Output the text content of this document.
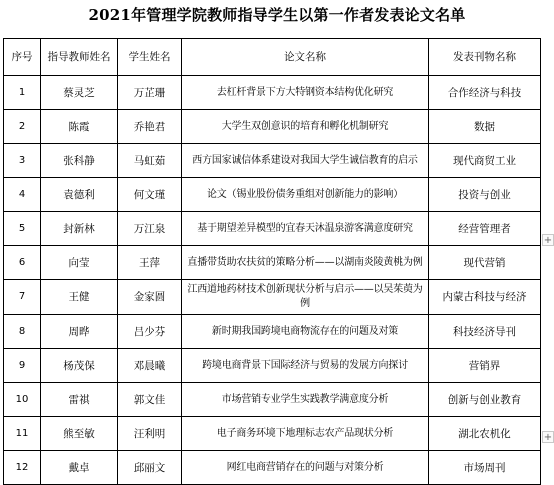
2021年管理学院教师指导学生以第一作者发表论文名单
序号	指导教师姓名	学生姓名	论文名称	发表刊物名称
1	蔡灵芝	万芷珊	去杠杆背景下方大特钢资本结构优化研究	合作经济与科技
2	陈霞	乔艳君	大学生双创意识的培育和孵化机制研究	数据
3	张科静	马虹茹	西方国家诚信体系建设对我国大学生诚信教育的启示	现代商贸工业
4	袁德利	何文瑾	论文（锡业股份债务重组对创新能力的影响）	投资与创业
5	封新林	万江泉	基于期望差异模型的宜春天沐温泉游客满意度研究	经营管理者
6	向莹	王萍	直播带货助农扶贫的策略分析——以湖南炎陵黄桃为例	现代营销
7	王健	金家圆	江西道地药材技术创新现状分析与启示——以吴茱萸为例	内蒙古科技与经济
8	周晔	吕少芬	新时期我国跨境电商物流存在的问题及对策	科技经济导刊
9	杨茂保	邓晨曦	跨境电商背景下国际经济与贸易的发展方向探讨	营销界
10	雷祺	郭文佳	市场营销专业学生实践教学满意度分析	创新与创业教育
11	熊至敏	汪利明	电子商务环境下地理标志农产品现状分析	湖北农机化
12	戴卓	邱丽文	网红电商营销存在的问题与对策分析	市场周刊
+
+
